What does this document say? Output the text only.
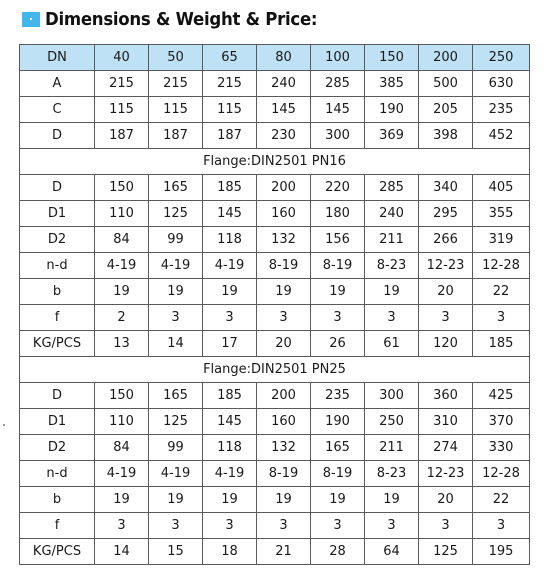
Dimensions & Weight & Price:
DN	40	50	65	80	100	150	200	250
A	215	215	215	240	285	385	500	630
C	115	115	115	145	145	190	205	235
D	187	187	187	230	300	369	398	452
Flange:DIN2501 PN16								
D	150	165	185	200	220	285	340	405
D1	110	125	145	160	180	240	295	355
D2	84	99	118	132	156	211	266	319
n-d	4-19	4-19	4-19	8-19	8-19	8-23	12-23	12-28
b	19	19	19	19	19	19	20	22
f	2	3	3	3	3	3	3	3
KG/PCS	13	14	17	20	26	61	120	185
Flange:DIN2501 PN25								
D	150	165	185	200	235	300	360	425
D1	110	125	145	160	190	250	310	370
D2	84	99	118	132	165	211	274	330
n-d	4-19	4-19	4-19	8-19	8-19	8-23	12-23	12-28
b	19	19	19	19	19	19	20	22
f	3	3	3	3	3	3	3	3
KG/PCS	14	15	18	21	28	64	125	195
